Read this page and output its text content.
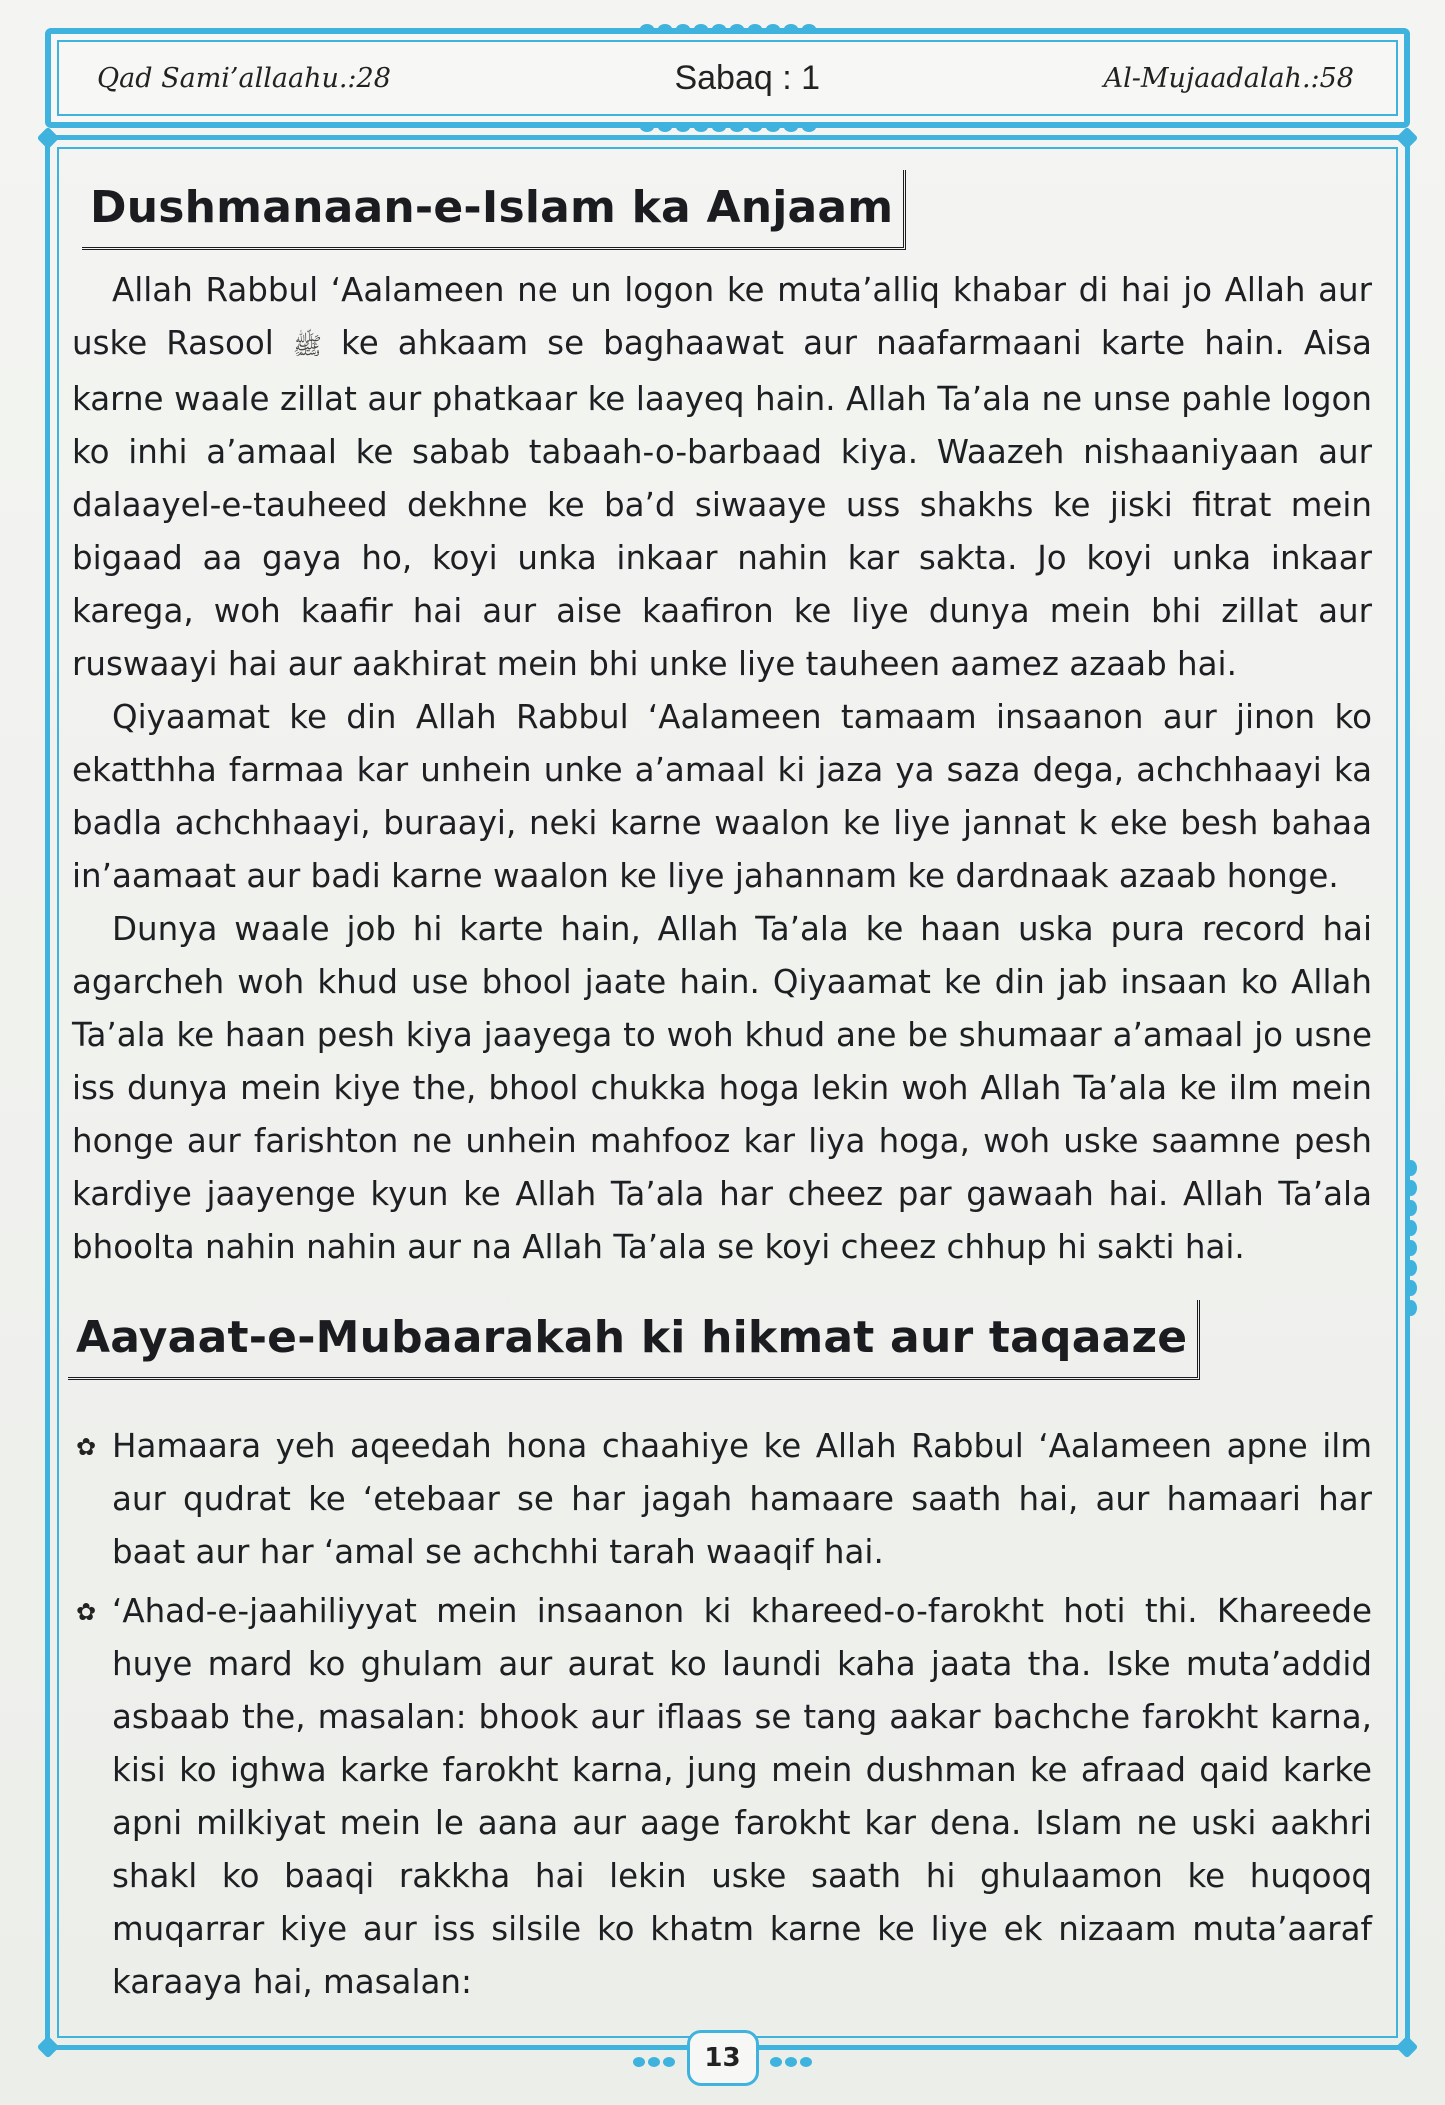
Qad Sami’allaahu.:28	Sabaq : 1	Al-Mujaadalah.:58
Dushmanaan-e-Islam ka Anjaam

Allah Rabbul ‘Aalameen ne un logon ke muta’alliq khabar di hai jo Allah aur uske Rasool ﷺ ke ahkaam se baghaawat aur naafarmaani karte hain. Aisa karne waale zillat aur phatkaar ke laayeq hain. Allah Ta’ala ne unse pahle logon ko inhi a’amaal ke sabab tabaah-o-barbaad kiya. Waazeh nishaaniyaan aur dalaayel-e-tauheed dekhne ke ba’d siwaaye uss shakhs ke jiski fitrat mein bigaad aa gaya ho, koyi unka inkaar nahin kar sakta. Jo koyi unka inkaar karega, woh kaafir hai aur aise kaafiron ke liye dunya mein bhi zillat aur ruswaayi hai aur aakhirat mein bhi unke liye tauheen aamez azaab hai.

Qiyaamat ke din Allah Rabbul ‘Aalameen tamaam insaanon aur jinon ko ekatthha farmaa kar unhein unke a’amaal ki jaza ya saza dega, achchhaayi ka badla achchhaayi, buraayi, neki karne waalon ke liye jannat k eke besh bahaa in’aamaat aur badi karne waalon ke liye jahannam ke dardnaak azaab honge.

Dunya waale job hi karte hain, Allah Ta’ala ke haan uska pura record hai agarcheh woh khud use bhool jaate hain. Qiyaamat ke din jab insaan ko Allah Ta’ala ke haan pesh kiya jaayega to woh khud ane be shumaar a’amaal jo usne iss dunya mein kiye the, bhool chukka hoga lekin woh Allah Ta’ala ke ilm mein honge aur farishton ne unhein mahfooz kar liya hoga, woh uske saamne pesh kardiye jaayenge kyun ke Allah Ta’ala har cheez par gawaah hai. Allah Ta’ala bhoolta nahin nahin aur na Allah Ta’ala se koyi cheez chhup hi sakti hai.

Aayaat-e-Mubaarakah ki hikmat aur taqaaze
✿ Hamaara yeh aqeedah hona chaahiye ke Allah Rabbul ‘Aalameen apne ilm aur qudrat ke ‘etebaar se har jagah hamaare saath hai, aur hamaari har baat aur har ‘amal se achchhi tarah waaqif hai.
✿ ‘Ahad-e-jaahiliyyat mein insaanon ki khareed-o-farokht hoti thi. Khareede huye mard ko ghulam aur aurat ko laundi kaha jaata tha. Iske muta’addid asbaab the, masalan: bhook aur iflaas se tang aakar bachche farokht karna, kisi ko ighwa karke farokht karna, jung mein dushman ke afraad qaid karke apni milkiyat mein le aana aur aage farokht kar dena. Islam ne uski aakhri shakl ko baaqi rakkha hai lekin uske saath hi ghulaamon ke huqooq muqarrar kiye aur iss silsile ko khatm karne ke liye ek nizaam muta’aaraf karaaya hai, masalan:
13
